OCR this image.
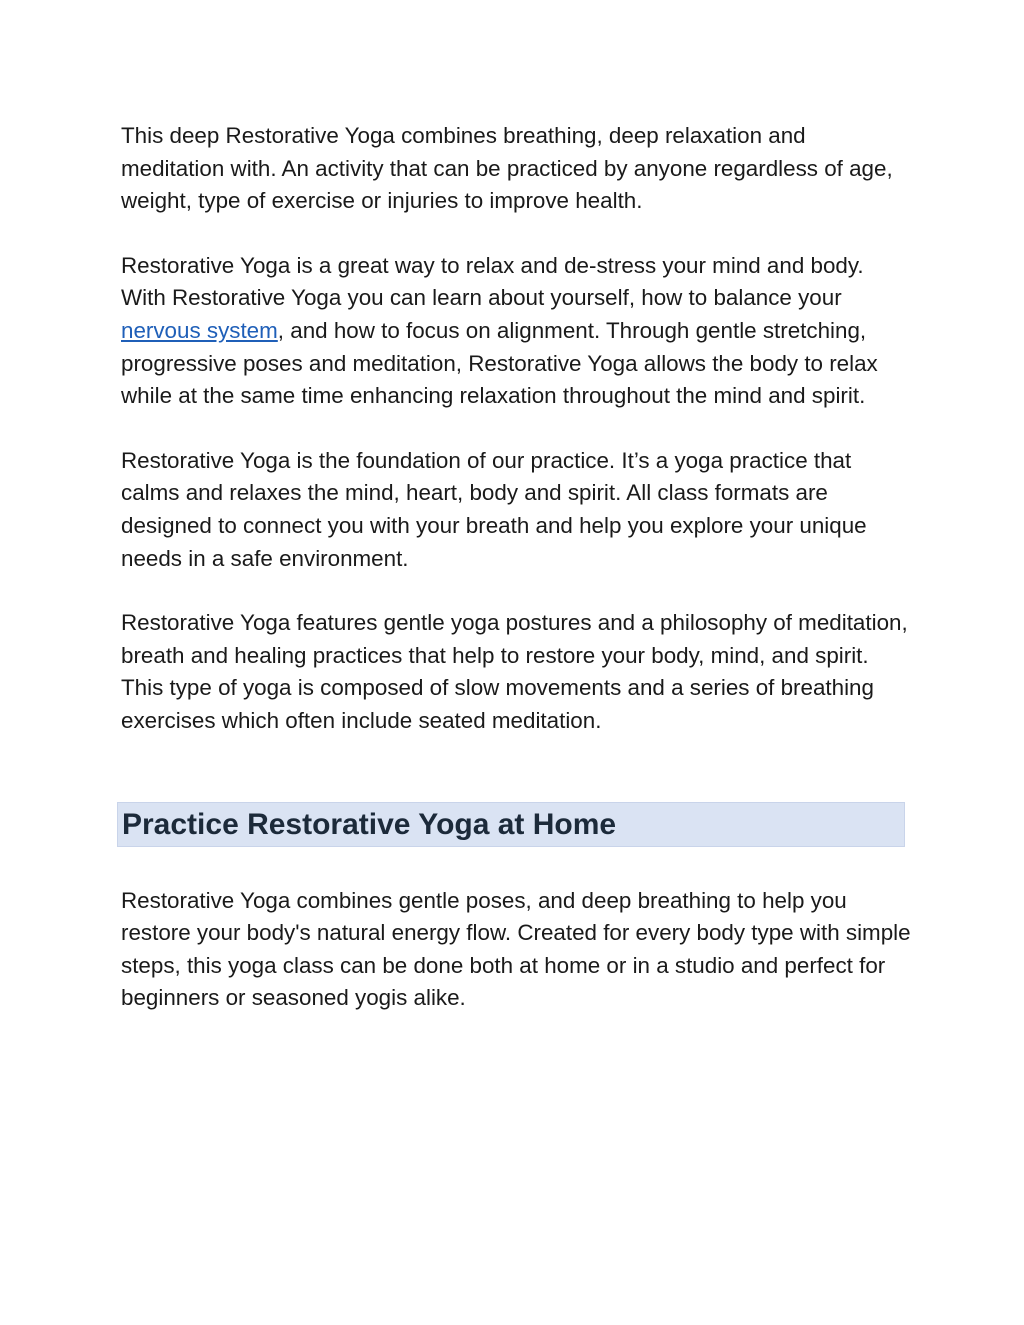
This deep Restorative Yoga combines breathing, deep relaxation and meditation with. An activity that can be practiced by anyone regardless of age, weight, type of exercise or injuries to improve health.

Restorative Yoga is a great way to relax and de-stress your mind and body. With Restorative Yoga you can learn about yourself, how to balance your nervous system, and how to focus on alignment. Through gentle stretching, progressive poses and meditation, Restorative Yoga allows the body to relax while at the same time enhancing relaxation throughout the mind and spirit.

Restorative Yoga is the foundation of our practice. It’s a yoga practice that calms and relaxes the mind, heart, body and spirit. All class formats are designed to connect you with your breath and help you explore your unique needs in a safe environment.

Restorative Yoga features gentle yoga postures and a philosophy of meditation, breath and healing practices that help to restore your body, mind, and spirit. This type of yoga is composed of slow movements and a series of breathing exercises which often include seated meditation.

Practice Restorative Yoga at Home

Restorative Yoga combines gentle poses, and deep breathing to help you restore your body's natural energy flow. Created for every body type with simple steps, this yoga class can be done both at home or in a studio and perfect for beginners or seasoned yogis alike.
